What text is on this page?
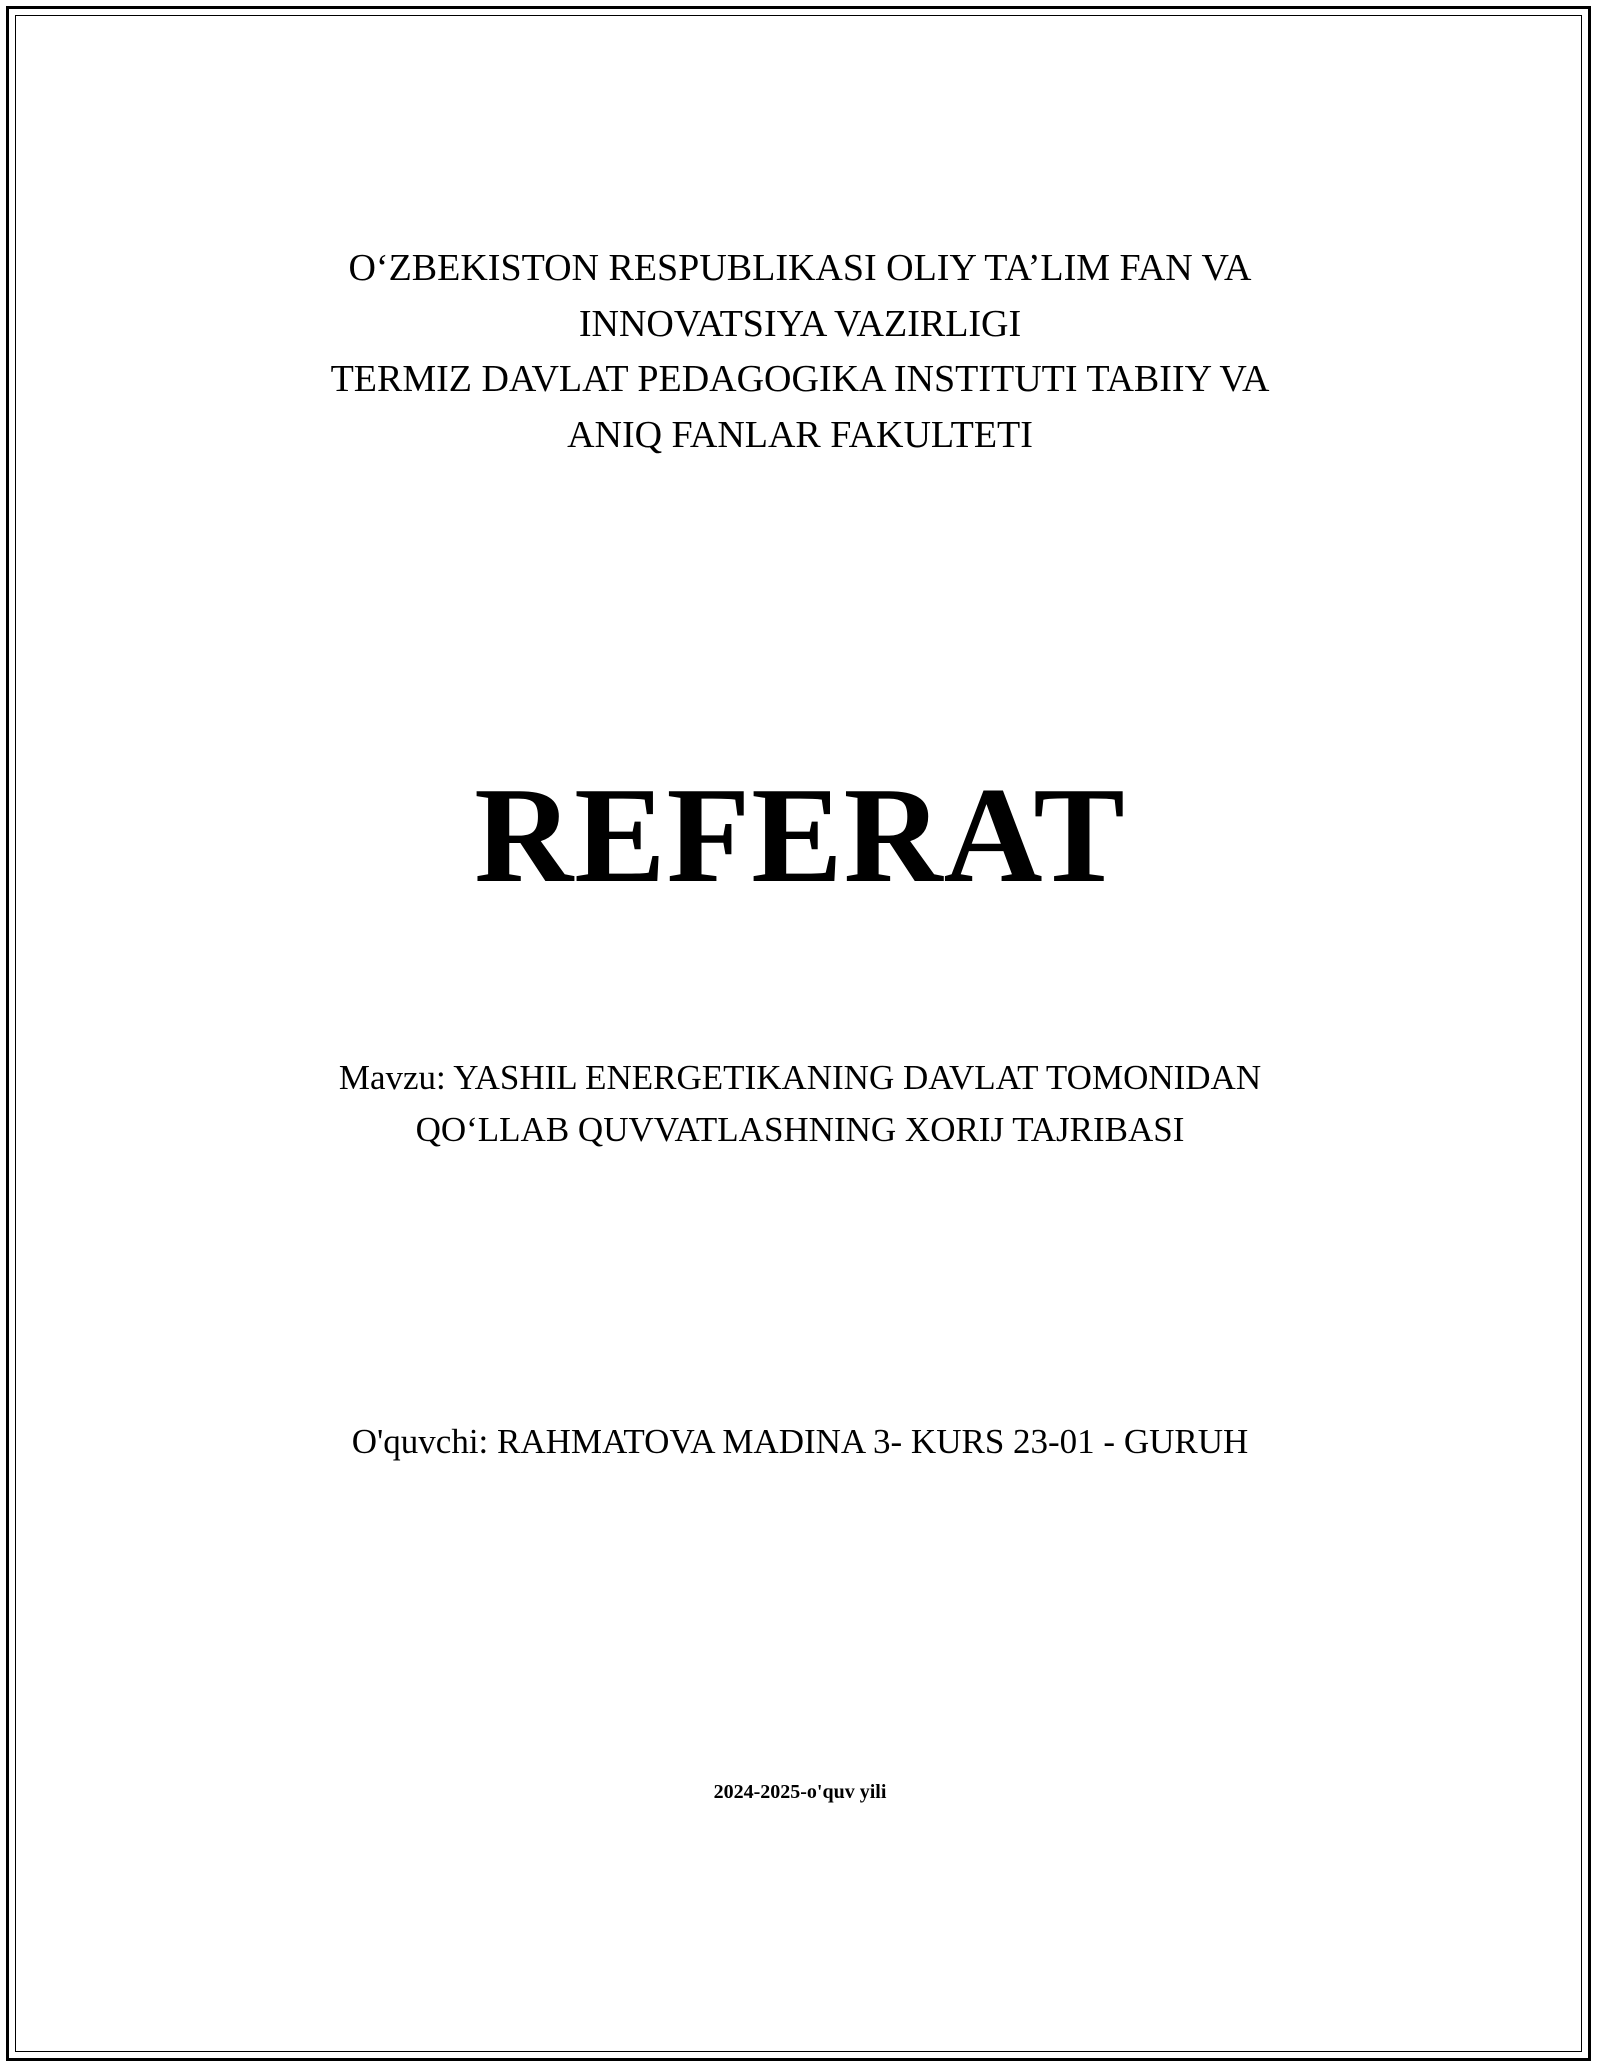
O‘ZBEKISTON RESPUBLIKASI OLIY TA’LIM FAN VA
INNOVATSIYA VAZIRLIGI
TERMIZ DAVLAT PEDAGOGIKA INSTITUTI TABIIY VA
ANIQ FANLAR FAKULTETI
REFERAT
Mavzu: YASHIL ENERGETIKANING DAVLAT TOMONIDAN
QO‘LLAB QUVVATLASHNING XORIJ TAJRIBASI
O'quvchi: RAHMATOVA MADINA 3- KURS 23-01 - GURUH
2024-2025-o'quv yili
